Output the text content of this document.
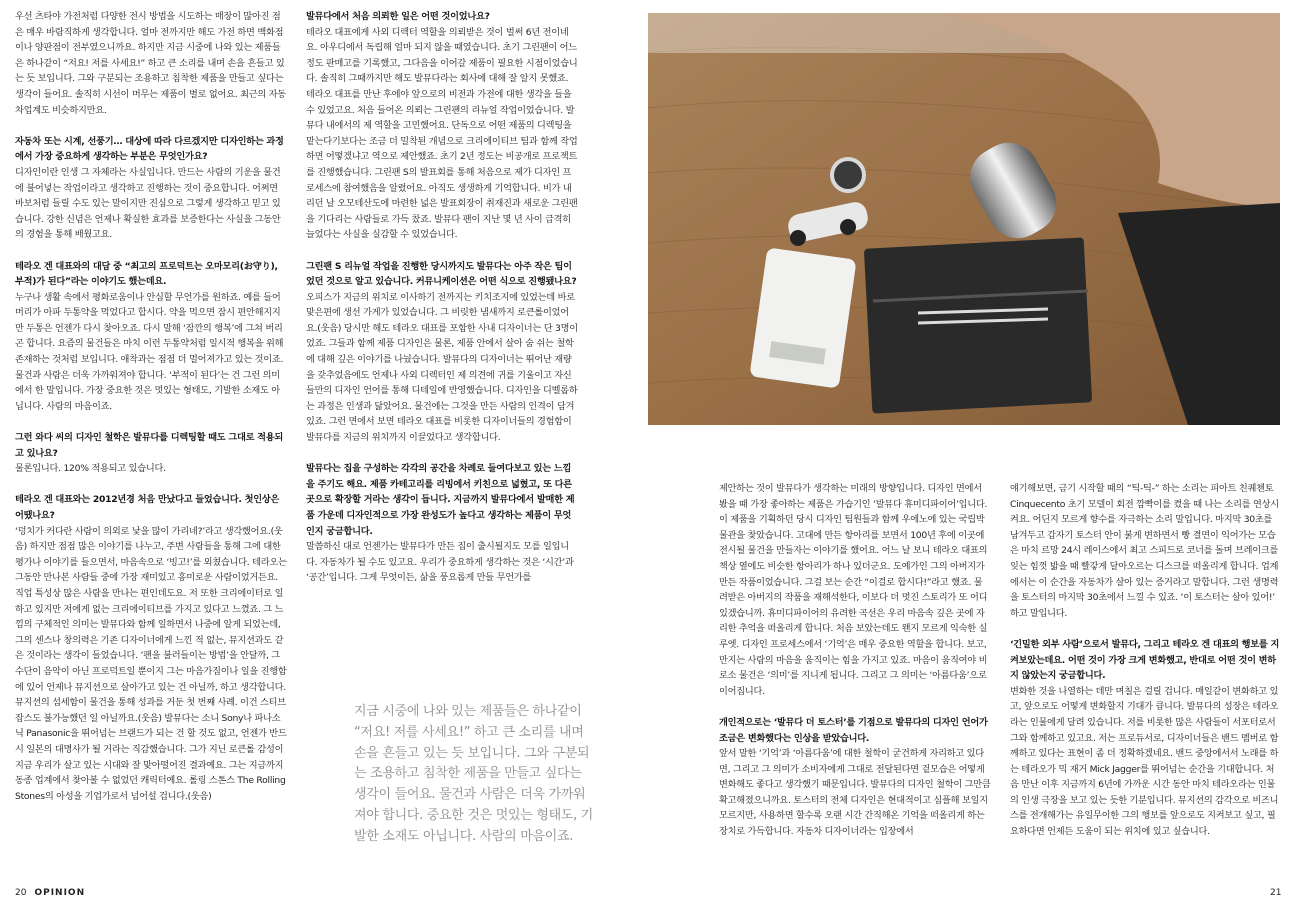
우선 츠타야 가전처럼 다양한 전시 방법을 시도하는 매장이 많아진 점은 매우 바람직하게 생각합니다. 얼마 전까지만 해도 가전 하면 백화점이나 양판점이 전부였으니까요. 하지만 지금 시중에 나와 있는 제품들은 하나같이 “저요! 저를 사세요!” 하고 큰 소리를 내며 손을 흔들고 있는 듯 보입니다. 그와 구분되는 조용하고 침착한 제품을 만들고 싶다는 생각이 들어요. 솔직히 시선이 머무는 제품이 별로 없어요. 최근의 자동차업계도 비슷하지만요.

자동차 또는 시계, 선풍기… 대상에 따라 다르겠지만 디자인하는 과정에서 가장 중요하게 생각하는 부분은 무엇인가요?
디자인이란 인생 그 자체라는 사실입니다. 만드는 사람의 기운을 물건에 불어넣는 작업이라고 생각하고 진행하는 것이 중요합니다. 어쩌면 바보처럼 들릴 수도 있는 말이지만 진심으로 그렇게 생각하고 믿고 있습니다. 강한 신념은 언제나 확실한 효과를 보증한다는 사실을 그동안의 경험을 통해 배웠고요.

테라오 겐 대표와의 대담 중 “최고의 프로덕트는 오마모리(お守り), 부적)가 된다”라는 이야기도 했는데요.
누구나 생활 속에서 평화로움이나 안심할 무언가를 원하죠. 예를 들어 머리가 아파 두통약을 먹었다고 합시다. 약을 먹으면 잠시 편안해지지만 두통은 언젠가 다시 찾아오죠. 다시 말해 ‘잠깐의 행복’에 그쳐 버리곤 합니다. 요즘의 물건들은 마치 이런 두통약처럼 일시적 행복을 위해 존재하는 것처럼 보입니다. 애착과는 점점 더 멀어져가고 있는 것이죠. 물건과 사람은 더욱 가까워져야 합니다. ‘부적이 된다’는 건 그런 의미에서 한 말입니다. 가장 중요한 것은 멋있는 형태도, 기발한 소재도 아닙니다. 사람의 마음이죠.

그런 와다 씨의 디자인 철학은 발뮤다를 디렉팅할 때도 그대로 적용되고 있나요?
물론입니다. 120% 적용되고 있습니다.

테라오 겐 대표와는 2012년경 처음 만났다고 들었습니다. 첫인상은 어땠나요?
‘덩치가 커다란 사람이 의외로 낯을 많이 가리네?’라고 생각했어요.(웃음) 하지만 점점 많은 이야기를 나누고, 주변 사람들을 통해 그에 대한 평가나 이야기를 들으면서, 마음속으로 ‘빙고!’를 외쳤습니다. 테라오는 그동안 만나본 사람들 중에 가장 재미있고 흥미로운 사람이었거든요. 직업 특성상 많은 사람을 만나는 편인데도요. 저 또한 크리에이터로 일하고 있지만 저에게 없는 크리에이티브를 가지고 있다고 느꼈죠. 그 느낌의 구체적인 의미는 발뮤다와 함께 일하면서 나중에 알게 되었는데, 그의 센스나 창의력은 기존 디자이너에게 느낀 적 없는, 뮤지션과도 같은 것이라는 생각이 들었습니다. ‘팬을 불러들이는 방법’을 안달까, 그 수단이 음악이 아닌 프로덕트일 뿐이지 그는 마음가짐이나 일을 진행함에 있어 언제나 뮤지션으로 살아가고 있는 건 아닐까, 하고 생각합니다. 뮤지션의 섬세함이 물건을 통해 성과를 거둔 첫 번째 사례. 이건 스티브 잡스도 불가능했던 일 아닐까요.(웃음) 발뮤다는 소니 Sony나 파나소닉 Panasonic을 뛰어넘는 브랜드가 되는 건 할 것도 없고, 언젠가 반드시 일본의 대명사가 될 거라는 직감했습니다. 그가 지닌 로큰롤 감성이 지금 우리가 살고 있는 시대와 잘 맞아떨어진 결과예요. 그는 지금까지 동종 업계에서 찾아볼 수 없었던 캐릭터예요. 롤링 스톤스 The Rolling Stones의 아성을 기업가로서 넘어설 겁니다.(웃음)

발뮤다에서 처음 의뢰한 일은 어떤 것이었나요?
테라오 대표에게 사외 디렉터 역할을 의뢰받은 것이 벌써 6년 전이네요. 아우디에서 독립해 얼마 되지 않을 때였습니다. 초기 그린팬이 어느 정도 판매고를 기록했고, 그다음을 이어갈 제품이 필요한 시점이었습니다. 솔직히 그때까지만 해도 발뮤다라는 회사에 대해 잘 알지 못했죠. 테라오 대표를 만난 후에야 앞으로의 비전과 가전에 대한 생각을 들을 수 있었고요. 처음 들어온 의뢰는 그린팬의 리뉴얼 작업이었습니다. 발뮤다 내에서의 제 역할을 고민했어요. 단독으로 어떤 제품의 디렉팅을 맡는다기보다는 조금 더 밀착된 개념으로 크리에이티브 팀과 함께 작업하면 어떻겠냐고 역으로 제안했죠. 초기 2년 정도는 비공개로 프로젝트를 진행했습니다. 그린팬 S의 발표회를 통해 처음으로 제가 디자인 프로세스에 참여했음을 알렸어요. 아직도 생생하게 기억합니다. 비가 내리던 날 오모테산도에 마련한 넓은 발표회장이 취재진과 새로운 그린팬을 기다리는 사람들로 가득 찼죠. 발뮤다 팬이 지난 몇 년 사이 급격히 늘었다는 사실을 실감할 수 있었습니다.

그린팬 S 리뉴얼 작업을 진행한 당시까지도 발뮤다는 아주 작은 팀이었던 것으로 알고 있습니다. 커뮤니케이션은 어떤 식으로 진행됐나요?
오피스가 지금의 위치로 이사하기 전까지는 키치조지에 있었는데 바로 맞은편에 생선 가게가 있었습니다. 그 비릿한 냄새까지 로큰롤이었어요.(웃음) 당시만 해도 테라오 대표를 포함한 사내 디자이너는 단 3명이었죠. 그들과 함께 제품 디자인은 물론, 제품 안에서 살아 숨 쉬는 철학에 대해 깊은 이야기를 나눴습니다. 발뮤다의 디자이너는 뛰어난 재량을 갖추었음에도 언제나 사외 디렉터인 제 의견에 귀를 기울이고 자신들만의 디자인 언어를 통해 디테일에 반영했습니다. 디자인을 디벨롭하는 과정은 인생과 닮았어요. 물건에는 그것을 만든 사람의 인격이 담겨 있죠. 그런 면에서 보면 테라오 대표를 비롯한 디자이너들의 경험함이 발뮤다를 지금의 위치까지 이끌었다고 생각합니다.

발뮤다는 집을 구성하는 각각의 공간을 차례로 들여다보고 있는 느낌을 주기도 해요. 제품 카테고리를 리빙에서 키친으로 넓혔고, 또 다른 곳으로 확장할 거라는 생각이 듭니다. 지금까지 발뮤다에서 발매한 제품 가운데 디자인적으로 가장 완성도가 높다고 생각하는 제품이 무엇인지 궁금합니다.
말씀하신 대로 언젠가는 발뮤다가 만든 집이 출시될지도 모를 일입니다. 자동차가 될 수도 있고요. 우리가 중요하게 생각하는 것은 ‘시간’과 ‘공간’입니다. 그게 무엇이든, 삶을 풍요롭게 만들 무언가를

지금 시중에 나와 있는 제품들은 하나같이 “저요! 저를 사세요!” 하고 큰 소리를 내며 손을 흔들고 있는 듯 보입니다. 그와 구분되는 조용하고 침착한 제품을 만들고 싶다는 생각이 들어요. 물건과 사람은 더욱 가까워져야 합니다. 중요한 것은 멋있는 형태도, 기발한 소재도 아닙니다. 사람의 마음이죠.

제안하는 것이 발뮤다가 생각하는 미래의 방향입니다. 디자인 면에서 봤을 때 가장 좋아하는 제품은 가습기인 ‘발뮤다 휴미디파이어’입니다. 이 제품을 기획하던 당시 디자인 팀원들과 함께 우에노에 있는 국립박물관을 찾았습니다. 고대에 만든 항아리를 보면서 100년 후에 이곳에 전시될 물건을 만들자는 이야기를 했어요. 어느 날 보니 테라오 대표의 책상 옆에도 비슷한 항아리가 하나 있더군요. 도예가인 그의 아버지가 만든 작품이었습니다. 그걸 보는 순간 “이걸로 합시다!”라고 했죠. 물려받은 아버지의 작품을 재해석한다, 이보다 더 멋진 스토리가 또 어디 있겠습니까. 휴미디파이어의 유려한 곡선은 우리 마음속 깊은 곳에 자리한 추억을 떠올리게 합니다. 처음 보았는데도 왠지 모르게 익숙한 실루엣. 디자인 프로세스에서 ‘기억’은 매우 중요한 역할을 합니다. 보고, 만지는 사람의 마음을 움직이는 힘을 가지고 있죠. 마음이 움직여야 비로소 물건은 ‘의미’를 지니게 됩니다. 그리고 그 의미는 ‘아름다움’으로 이어집니다.

개인적으로는 ‘발뮤다 더 토스터’를 기점으로 발뮤다의 디자인 언어가 조금은 변화했다는 인상을 받았습니다.
앞서 말한 ‘기억’과 ‘아름다움’에 대한 철학이 굳건하게 자리하고 있다면, 그리고 그 의미가 소비자에게 그대로 전달된다면 겉모습은 어떻게 변화해도 좋다고 생각했기 때문입니다. 발뮤다의 디자인 철학이 그만큼 확고해졌으니까요. 토스터의 전체 디자인은 현대적이고 심플해 보일지 모르지만, 사용하면 할수록 오랜 시간 간직해온 기억을 떠올리게 하는 장치로 가득합니다. 자동차 디자이너라는 입장에서

얘기해보면, 금기 시작할 때의 “틱-틱-” 하는 소리는 피아트 친퀘첸토 Cinquecento 초기 모델이 회전 깜빡이를 켰을 때 나는 소리를 연상시켜요. 어딘지 모르게 향수를 자극하는 소리 말입니다. 마지막 30초를 남겨두고 갑자기 토스터 안이 붉게 변하면서 빵 결면이 익어가는 모습은 마치 르망 24시 레이스에서 최고 스피드로 코너를 돌며 브레이크를 잊는 힘껏 밟을 때 빨갛게 달아오르는 디스크를 떠올리게 합니다. 업계에서는 이 순간을 자동차가 살아 있는 증거라고 말합니다. 그런 생명력을 토스터의 마지막 30초에서 느낄 수 있죠. ‘이 토스터는 살아 있어!’ 하고 말입니다.

‘긴밀한 외부 사람’으로서 발뮤다, 그리고 테라오 겐 대표의 행보를 지켜보았는데요. 어떤 것이 가장 크게 변화했고, 반대로 어떤 것이 변하지 않았는지 궁금합니다.
변화한 것을 나열하는 데만 며칠은 걸릴 겁니다. 매일같이 변화하고 있고, 앞으로도 어떻게 변화할지 기대가 큽니다. 발뮤다의 성장은 테라오라는 인물에게 달려 있습니다. 저를 비롯한 많은 사람들이 서포터로서 그와 함께하고 있고요. 저는 프로듀서로, 디자이너들은 밴드 멤버로 함께하고 있다는 표현이 좀 더 정확하겠네요. 밴드 중앙에서서 노래를 하는 테라오가 믹 재거 Mick Jagger를 뛰어넘는 순간을 기대합니다. 처음 만난 이후 지금까지 6년에 가까운 시간 동안 마치 테라오라는 인물의 인생 극장을 보고 있는 듯한 기분입니다. 뮤지션의 감각으로 비즈니스를 전개해가는 유일무이한 그의 행보를 앞으로도 지켜보고 싶고, 필요하다면 언제든 도움이 되는 위치에 있고 싶습니다.

20 OPINION	21
